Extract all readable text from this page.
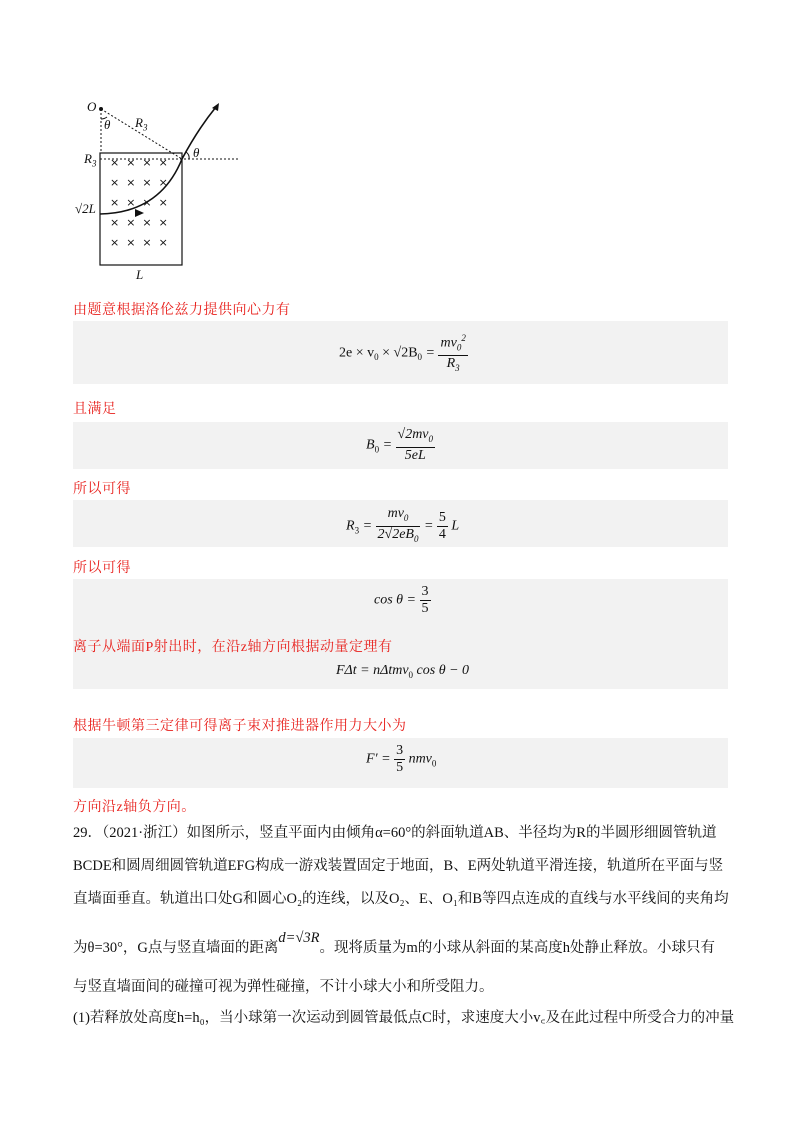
××××
××××
××××
××××
××××
O
θ $R_3$
$R_3$
θ
√2L
L
由题意根据洛伦兹力提供向心力有
$2e \times v_0 \times √2B_0 = \frac{mv_0^2}{R_3}$
且满足
$B_0 = \frac{√2mv_0}{5eL}$
所以可得
$R_3 = \frac{mv_0}{2√2eB_0} = \frac{5}{4}$ L
所以可得
$\cos \theta = \frac{3}{5}$
离子从端面P射出时，在沿z轴方向根据动量定理有
FΔt = nΔtmv$_0$ cos θ − 0
根据牛顿第三定律可得离子束对推进器作用力大小为
$F' = \frac{3}{5} nmv_0$
方向沿z轴负方向。
29．（2021·浙江）如图所示，竖直平面内由倾角α=60°的斜面轨道AB、半径均为R的半圆形细圆管轨道
BCDE和圆周细圆管轨道EFG构成一游戏装置固定于地面，B、E两处轨道平滑连接，轨道所在平面与竖
直墙面垂直。轨道出口处G和圆心O₂的连线，以及O₂、E、O₁和B等四点连成的直线与水平线间的夹角均
为θ=30°，G点与竖直墙面的距离d=√3R。现将质量为m的小球从斜面的某高度h处静止释放。小球只有
与竖直墙面间的碰撞可视为弹性碰撞，不计小球大小和所受阻力。
(1)若释放处高度h=h₀，当小球第一次运动到圆管最低点C时，求速度大小v꜀及在此过程中所受合力的冲量
